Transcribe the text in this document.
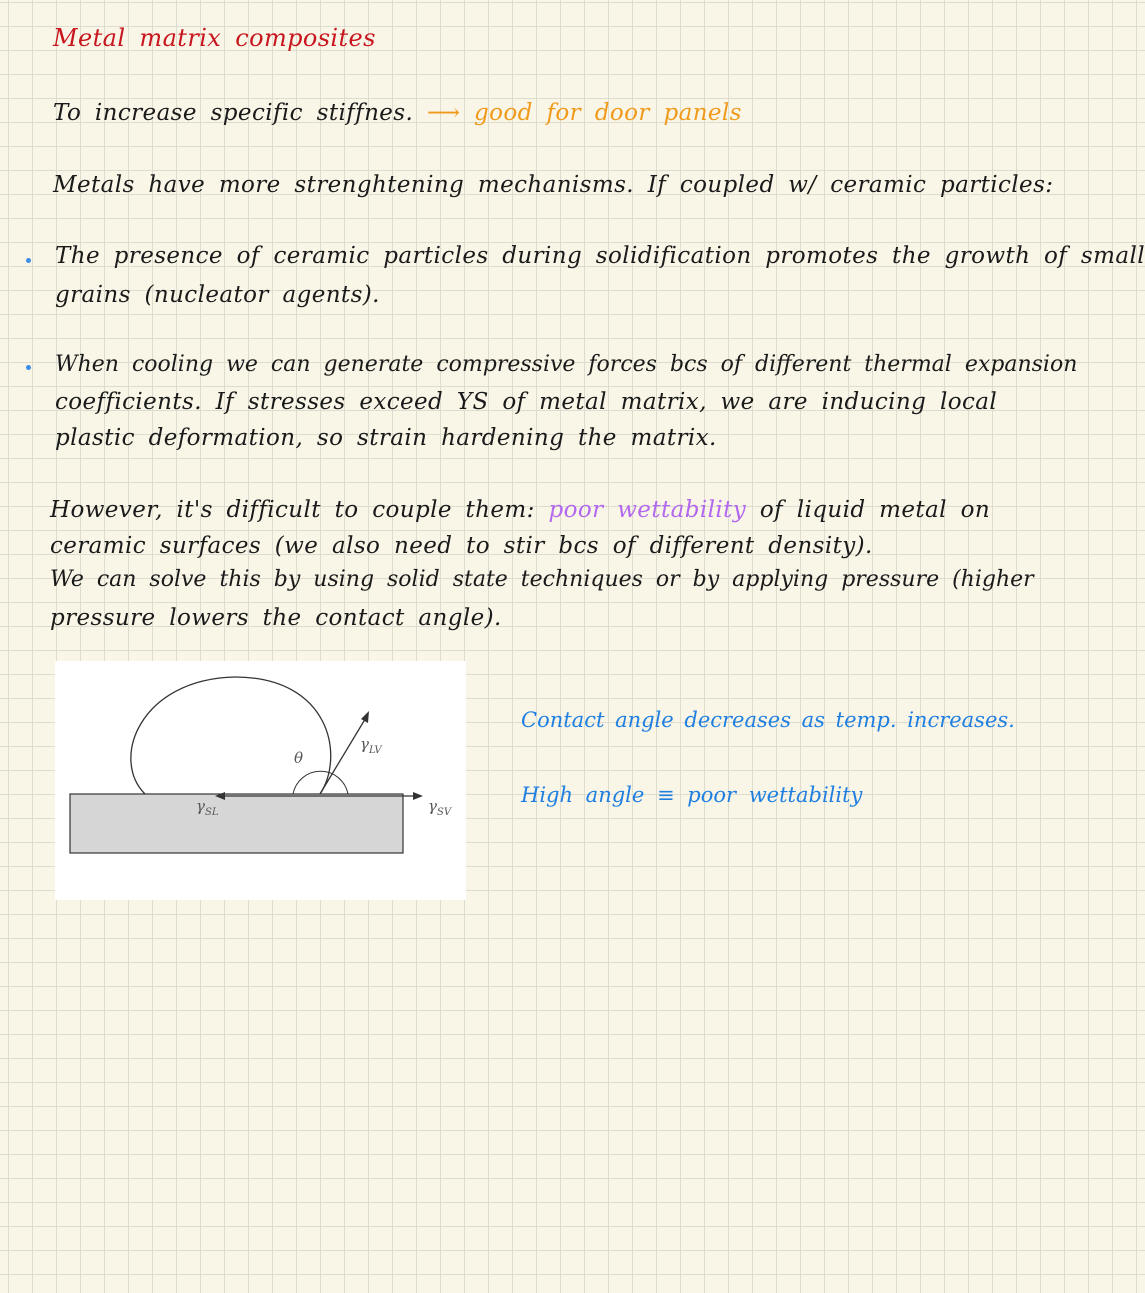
Metal matrix composites

To increase specific stiffnes. ⟶ good for door panels

Metals have more strenghtening mechanisms. If coupled w/ ceramic particles:

The presence of ceramic particles during solidification promotes the growth of small

grains (nucleator agents).

When cooling we can generate compressive forces bcs of different thermal expansion

coefficients. If stresses exceed YS of metal matrix, we are inducing local

plastic deformation, so strain hardening the matrix.

However, it's difficult to couple them: poor wettability of liquid metal on

ceramic surfaces (we also need to stir bcs of different density).

We can solve this by using solid state techniques or by applying pressure (higher

pressure lowers the contact angle).

θ
$\gamma_{LV}$
$\gamma_{SL}$	$\gamma_{SV}$

Contact angle decreases as temp. increases.

High angle ≡ poor wettability
